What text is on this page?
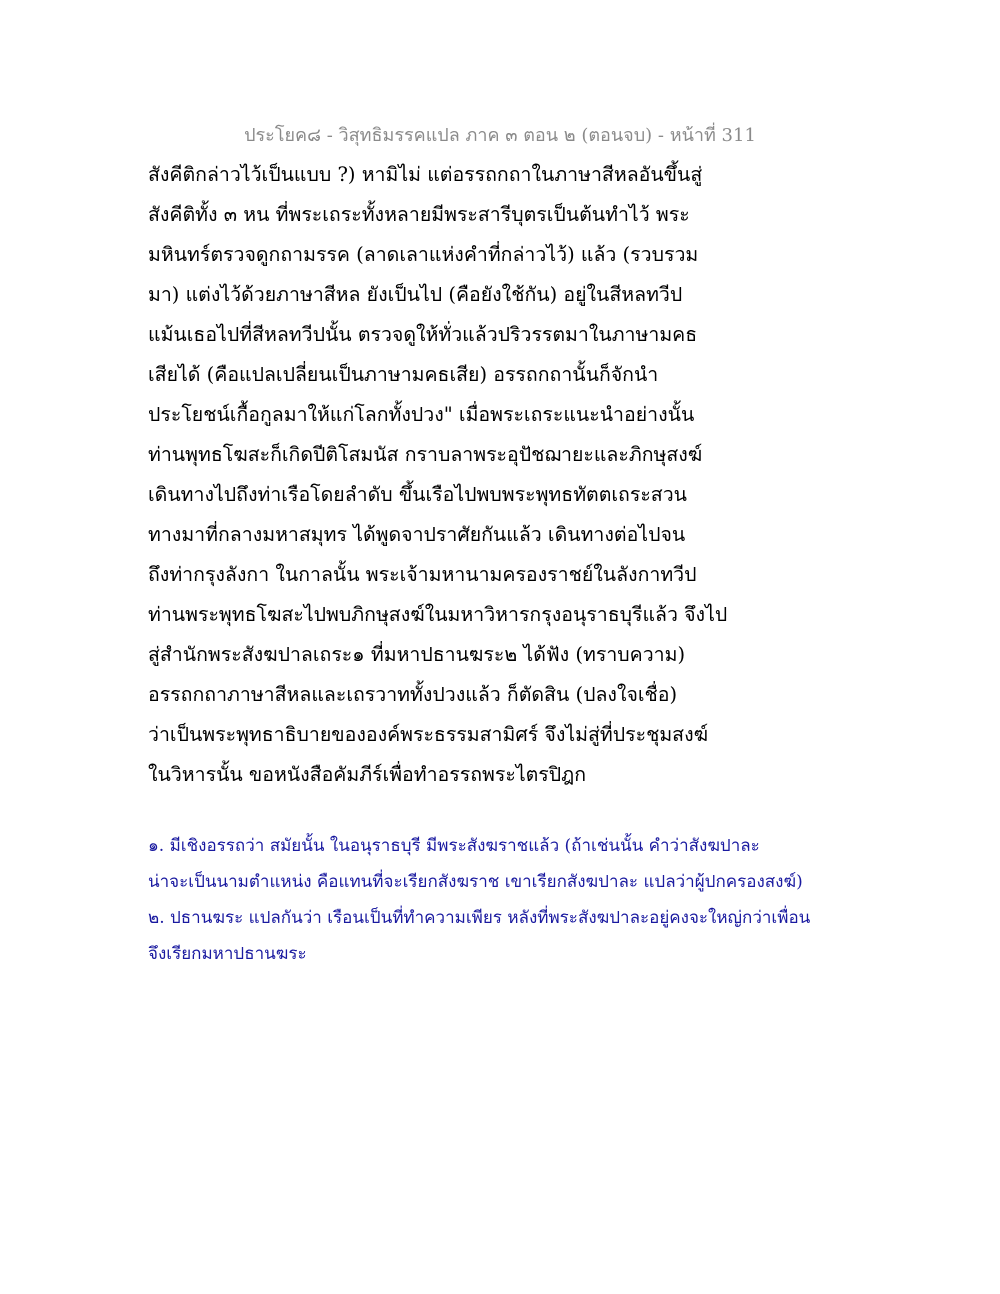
ประโยค๘ - วิสุทธิมรรคแปล ภาค ๓ ตอน ๒ (ตอนจบ) - หน้าที่ 311
สังคีติกล่าวไว้เป็นแบบ ?) หามิไม่ แต่อรรถกถาในภาษาสีหลอันขึ้นสู่
สังคีติทั้ง ๓ หน ที่พระเถระทั้งหลายมีพระสารีบุตรเป็นต้นทำไว้ พระ
มหินทร์ตรวจดูกถามรรค (ลาดเลาแห่งคำที่กล่าวไว้) แล้ว (รวบรวม
มา) แต่งไว้ด้วยภาษาสีหล ยังเป็นไป (คือยังใช้กัน) อยู่ในสีหลทวีป
แม้นเธอไปที่สีหลทวีปนั้น ตรวจดูให้ทั่วแล้วปริวรรตมาในภาษามคธ
เสียได้ (คือแปลเปลี่ยนเป็นภาษามคธเสีย) อรรถกถานั้นก็จักนำ
ประโยชน์เกื้อกูลมาให้แก่โลกทั้งปวง" เมื่อพระเถระแนะนำอย่างนั้น
ท่านพุทธโฆสะก็เกิดปีติโสมนัส กราบลาพระอุปัชฌายะและภิกษุสงฆ์
เดินทางไปถึงท่าเรือโดยลำดับ ขึ้นเรือไปพบพระพุทธทัตตเถระสวน
ทางมาที่กลางมหาสมุทร ได้พูดจาปราศัยกันแล้ว เดินทางต่อไปจน
ถึงท่ากรุงลังกา ในกาลนั้น พระเจ้ามหานามครองราชย์ในลังกาทวีป
ท่านพระพุทธโฆสะไปพบภิกษุสงฆ์ในมหาวิหารกรุงอนุราธบุรีแล้ว จึงไป
สู่สำนักพระสังฆปาลเถระ๑ ที่มหาปธานฆระ๒ ได้ฟัง (ทราบความ)
อรรถกถาภาษาสีหลและเถรวาททั้งปวงแล้ว ก็ตัดสิน (ปลงใจเชื่อ)
ว่าเป็นพระพุทธาธิบายขององค์พระธรรมสามิศร์ จึงไม่สู่ที่ประชุมสงฆ์
ในวิหารนั้น ขอหนังสือคัมภีร์เพื่อทำอรรถพระไตรปิฎก
๑. มีเชิงอรรถว่า สมัยนั้น ในอนุราธบุรี มีพระสังฆราชแล้ว (ถ้าเช่นนั้น คำว่าสังฆปาละ
น่าจะเป็นนามตำแหน่ง คือแทนที่จะเรียกสังฆราช เขาเรียกสังฆปาละ แปลว่าผู้ปกครองสงฆ์)
๒. ปธานฆระ แปลกันว่า เรือนเป็นที่ทำความเพียร หลังที่พระสังฆปาละอยู่คงจะใหญ่กว่าเพื่อน
จึงเรียกมหาปธานฆระ
